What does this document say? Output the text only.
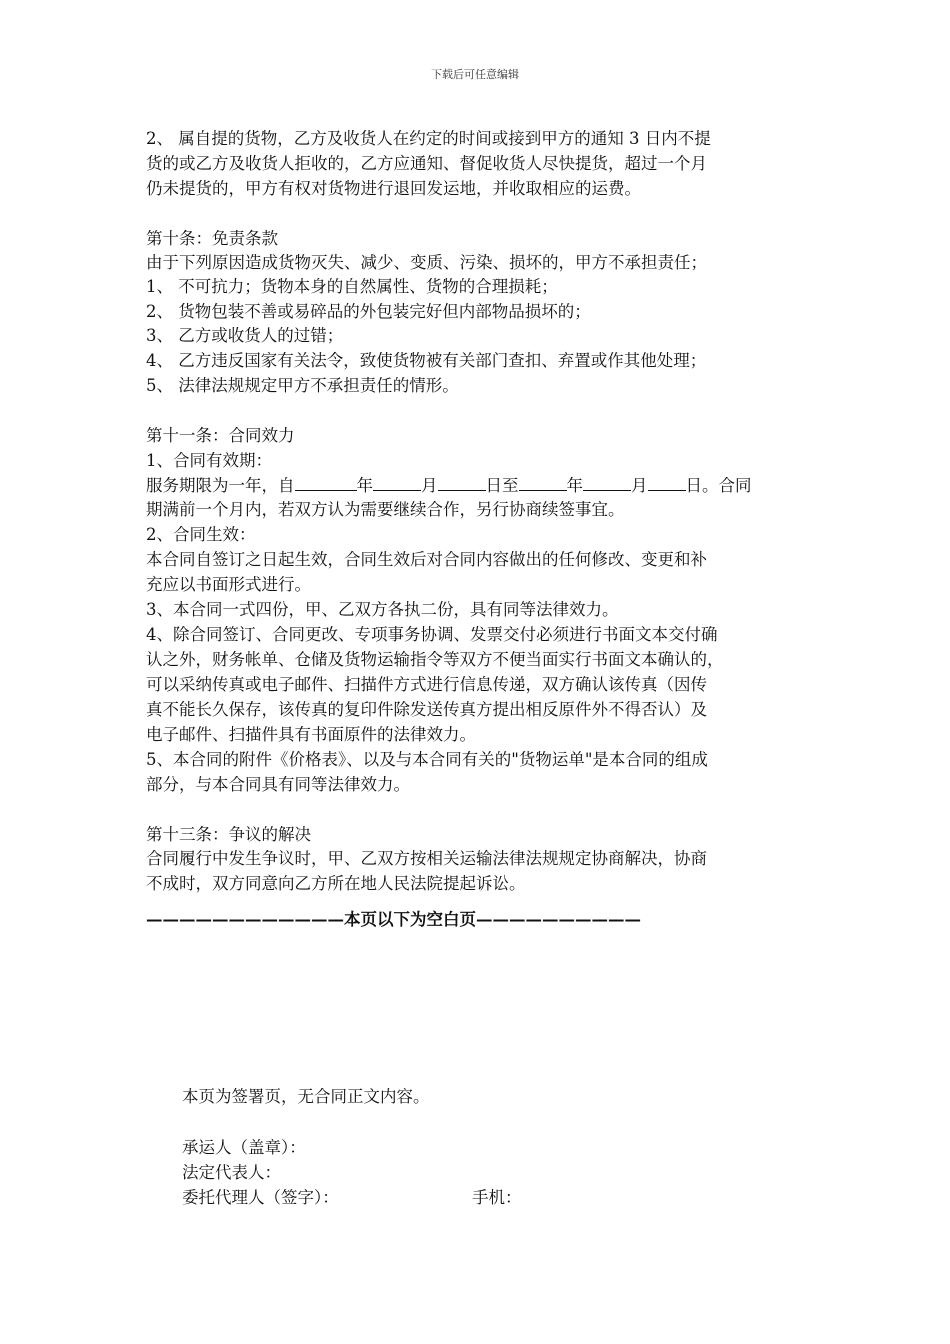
下载后可任意编辑
2、 属自提的货物，乙方及收货人在约定的时间或接到甲方的通知 3 日内不提
货的或乙方及收货人拒收的，乙方应通知、督促收货人尽快提货，超过一个月
仍未提货的，甲方有权对货物进行退回发运地，并收取相应的运费。
第十条：免责条款
由于下列原因造成货物灭失、减少、变质、污染、损坏的，甲方不承担责任；
1、 不可抗力；货物本身的自然属性、货物的合理损耗；
2、 货物包装不善或易碎品的外包装完好但内部物品损坏的；
3、 乙方或收货人的过错；
4、 乙方违反国家有关法令，致使货物被有关部门查扣、弃置或作其他处理；
5、 法律法规规定甲方不承担责任的情形。
第十一条：合同效力
1、合同有效期：
服务期限为一年，自	年	月	日至	年	月 日。合同
期满前一个月内，若双方认为需要继续合作，另行协商续签事宜。
2、合同生效：
本合同自签订之日起生效，合同生效后对合同内容做出的任何修改、变更和补
充应以书面形式进行。
3、本合同一式四份，甲、乙双方各执二份，具有同等法律效力。
4、除合同签订、合同更改、专项事务协调、发票交付必须进行书面文本交付确
认之外，财务帐单、仓储及货物运输指令等双方不便当面实行书面文本确认的，
可以采纳传真或电子邮件、扫描件方式进行信息传递，双方确认该传真（因传
真不能长久保存，该传真的复印件除发送传真方提出相反原件外不得否认）及
电子邮件、扫描件具有书面原件的法律效力。
5、本合同的附件《价格表》、以及与本合同有关的"货物运单"是本合同的组成
部分，与本合同具有同等法律效力。
第十三条：争议的解决
合同履行中发生争议时，甲、乙双方按相关运输法律法规规定协商解决，协商
不成时，双方同意向乙方所在地人民法院提起诉讼。
————————————本页以下为空白页——————————
本页为签署页，无合同正文内容。
承运人（盖章）：
法定代表人：
委托代理人（签字）：	手机：
